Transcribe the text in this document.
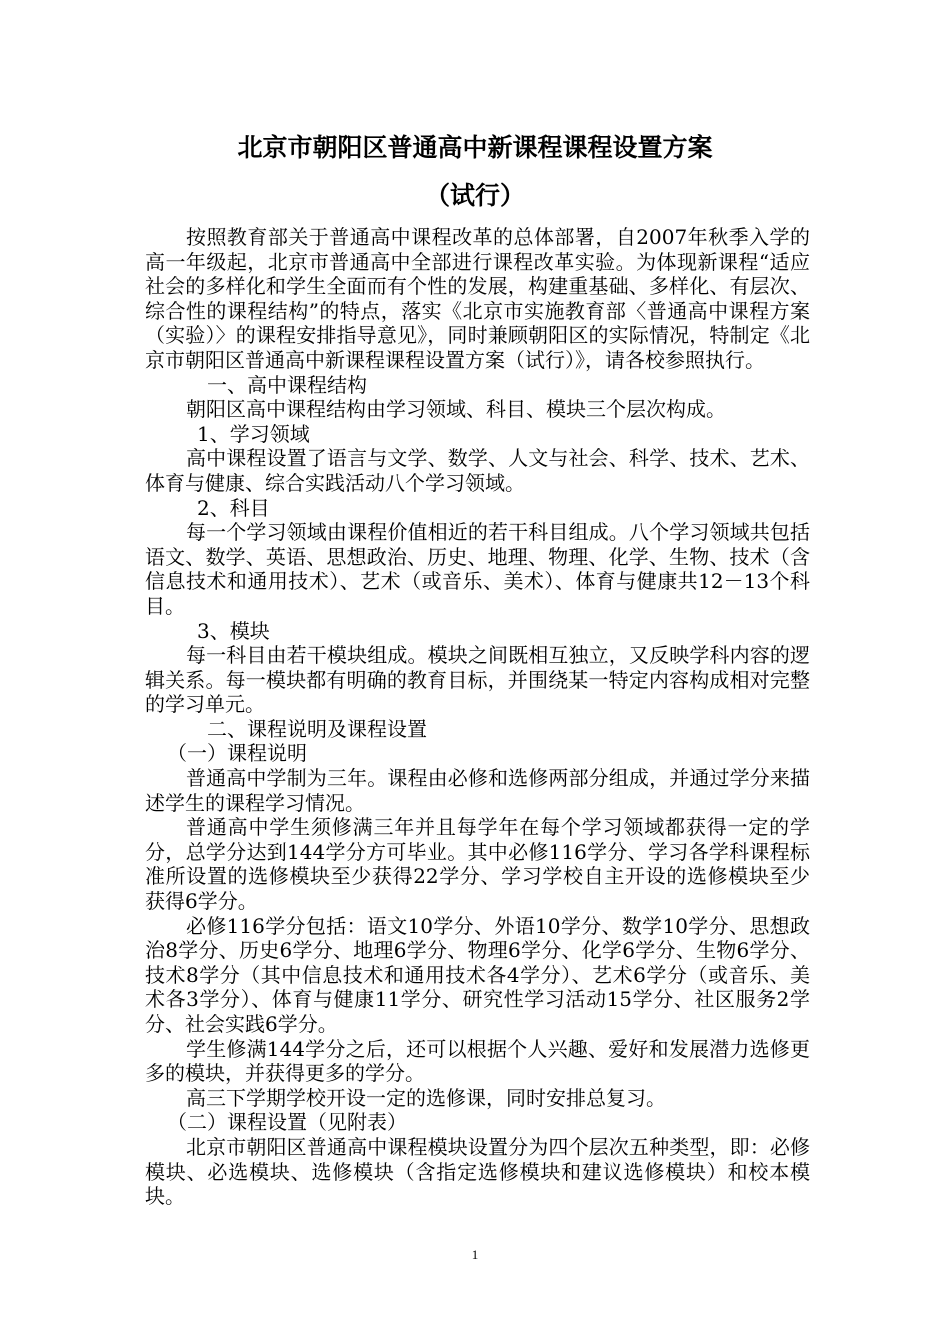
北京市朝阳区普通高中新课程课程设置方案
（试行）

按照教育部关于普通高中课程改革的总体部署，自2007年秋季入学的高一年级起，北京市普通高中全部进行课程改革实验。为体现新课程“适应社会的多样化和学生全面而有个性的发展，构建重基础、多样化、有层次、综合性的课程结构”的特点，落实《北京市实施教育部〈普通高中课程方案（实验）〉的课程安排指导意见》，同时兼顾朝阳区的实际情况，特制定《北京市朝阳区普通高中新课程课程设置方案（试行）》，请各校参照执行。

一、高中课程结构

朝阳区高中课程结构由学习领域、科目、模块三个层次构成。

1、学习领域

高中课程设置了语言与文学、数学、人文与社会、科学、技术、艺术、体育与健康、综合实践活动八个学习领域。

2、科目

每一个学习领域由课程价值相近的若干科目组成。八个学习领域共包括语文、数学、英语、思想政治、历史、地理、物理、化学、生物、技术（含信息技术和通用技术）、艺术（或音乐、美术）、体育与健康共12－13个科目。

3、模块

每一科目由若干模块组成。模块之间既相互独立，又反映学科内容的逻辑关系。每一模块都有明确的教育目标，并围绕某一特定内容构成相对完整的学习单元。

二、课程说明及课程设置

（一）课程说明

普通高中学制为三年。课程由必修和选修两部分组成，并通过学分来描述学生的课程学习情况。

普通高中学生须修满三年并且每学年在每个学习领域都获得一定的学分，总学分达到144学分方可毕业。其中必修116学分、学习各学科课程标准所设置的选修模块至少获得22学分、学习学校自主开设的选修模块至少获得6学分。

必修116学分包括：语文10学分、外语10学分、数学10学分、思想政治8学分、历史6学分、地理6学分、物理6学分、化学6学分、生物6学分、技术8学分（其中信息技术和通用技术各4学分）、艺术6学分（或音乐、美术各3学分）、体育与健康11学分、研究性学习活动15学分、社区服务2学分、社会实践6学分。

学生修满144学分之后，还可以根据个人兴趣、爱好和发展潜力选修更多的模块，并获得更多的学分。

高三下学期学校开设一定的选修课，同时安排总复习。

（二）课程设置（见附表）

北京市朝阳区普通高中课程模块设置分为四个层次五种类型，即：必修模块、必选模块、选修模块（含指定选修模块和建议选修模块）和校本模块。

1
